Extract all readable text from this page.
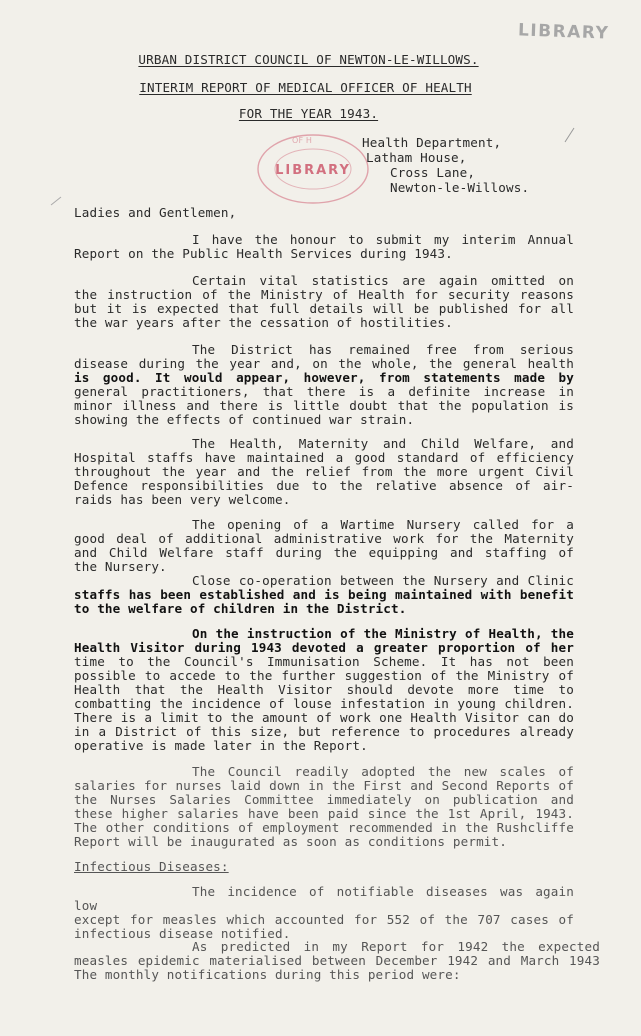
LIBRARY
URBAN DISTRICT COUNCIL OF NEWTON-LE-WILLOWS.
INTERIM REPORT OF MEDICAL OFFICER OF HEALTH
FOR THE YEAR 1943.
OF H
LIBRARY
Health Department,
Latham House,
Cross Lane,
Newton-le-Willows.
Ladies and Gentlemen,
I have the honour to submit my interim Annual
Report on the Public Health Services during 1943.
Certain vital statistics are again omitted on
the instruction of the Ministry of Health for security reasons
but it is expected that full details will be published for all
the war years after the cessation of hostilities.
The District has remained free from serious
disease during the year and, on the whole, the general health
is good. It would appear, however, from statements made by
general practitioners, that there is a definite increase in
minor illness and there is little doubt that the population is
showing the effects of continued war strain.
The Health, Maternity and Child Welfare, and
Hospital staffs have maintained a good standard of efficiency
throughout the year and the relief from the more urgent Civil
Defence responsibilities due to the relative absence of air-
raids has been very welcome.
The opening of a Wartime Nursery called for a
good deal of additional administrative work for the Maternity
and Child Welfare staff during the equipping and staffing of
the Nursery.
Close co-operation between the Nursery and Clinic
staffs has been established and is being maintained with benefit
to the welfare of children in the District.
On the instruction of the Ministry of Health, the
Health Visitor during 1943 devoted a greater proportion of her
time to the Council's Immunisation Scheme. It has not been
possible to accede to the further suggestion of the Ministry of
Health that the Health Visitor should devote more time to
combatting the incidence of louse infestation in young children.
There is a limit to the amount of work one Health Visitor can do
in a District of this size, but reference to procedures already
operative is made later in the Report.
The Council readily adopted the new scales of
salaries for nurses laid down in the First and Second Reports of
the Nurses Salaries Committee immediately on publication and
these higher salaries have been paid since the 1st April, 1943.
The other conditions of employment recommended in the Rushcliffe
Report will be inaugurated as soon as conditions permit.
Infectious Diseases:
The incidence of notifiable diseases was again low
except for measles which accounted for 552 of the 707 cases of
infectious disease notified.
As predicted in my Report for 1942 the expected
measles epidemic materialised between December 1942 and March 1943
The monthly notifications during this period were:
